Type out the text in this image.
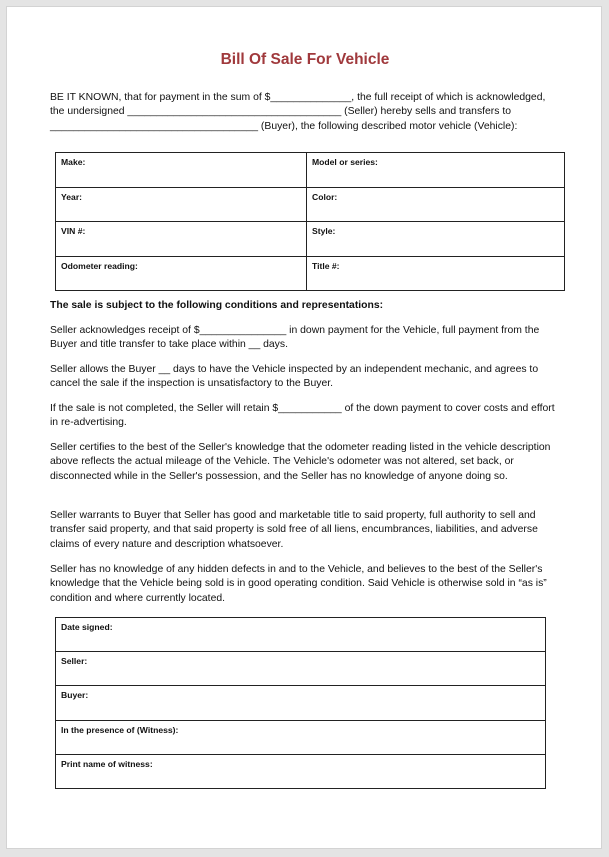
Bill Of Sale For Vehicle

BE IT KNOWN, that for payment in the sum of $______________, the full receipt of which is acknowledged, the undersigned _____________________________________ (Seller) hereby sells and transfers to ____________________________________ (Buyer), the following described motor vehicle (Vehicle):

Make:	Model or series:
Year:	Color:
VIN #:	Style:
Odometer reading:	Title #:

The sale is subject to the following conditions and representations:

Seller acknowledges receipt of $_______________ in down payment for the Vehicle, full payment from the Buyer and title transfer to take place within __ days.

Seller allows the Buyer __ days to have the Vehicle inspected by an independent mechanic, and agrees to cancel the sale if the inspection is unsatisfactory to the Buyer.

If the sale is not completed, the Seller will retain $___________ of the down payment to cover costs and effort in re-advertising.

Seller certifies to the best of the Seller's knowledge that the odometer reading listed in the vehicle description above reflects the actual mileage of the Vehicle. The Vehicle's odometer was not altered, set back, or disconnected while in the Seller's possession, and the Seller has no knowledge of anyone doing so.

Seller warrants to Buyer that Seller has good and marketable title to said property, full authority to sell and transfer said property, and that said property is sold free of all liens, encumbrances, liabilities, and adverse claims of every nature and description whatsoever.

Seller has no knowledge of any hidden defects in and to the Vehicle, and believes to the best of the Seller's knowledge that the Vehicle being sold is in good operating condition. Said Vehicle is otherwise sold in “as is” condition and where currently located.

Date signed:
Seller:
Buyer:
In the presence of (Witness):
Print name of witness:
